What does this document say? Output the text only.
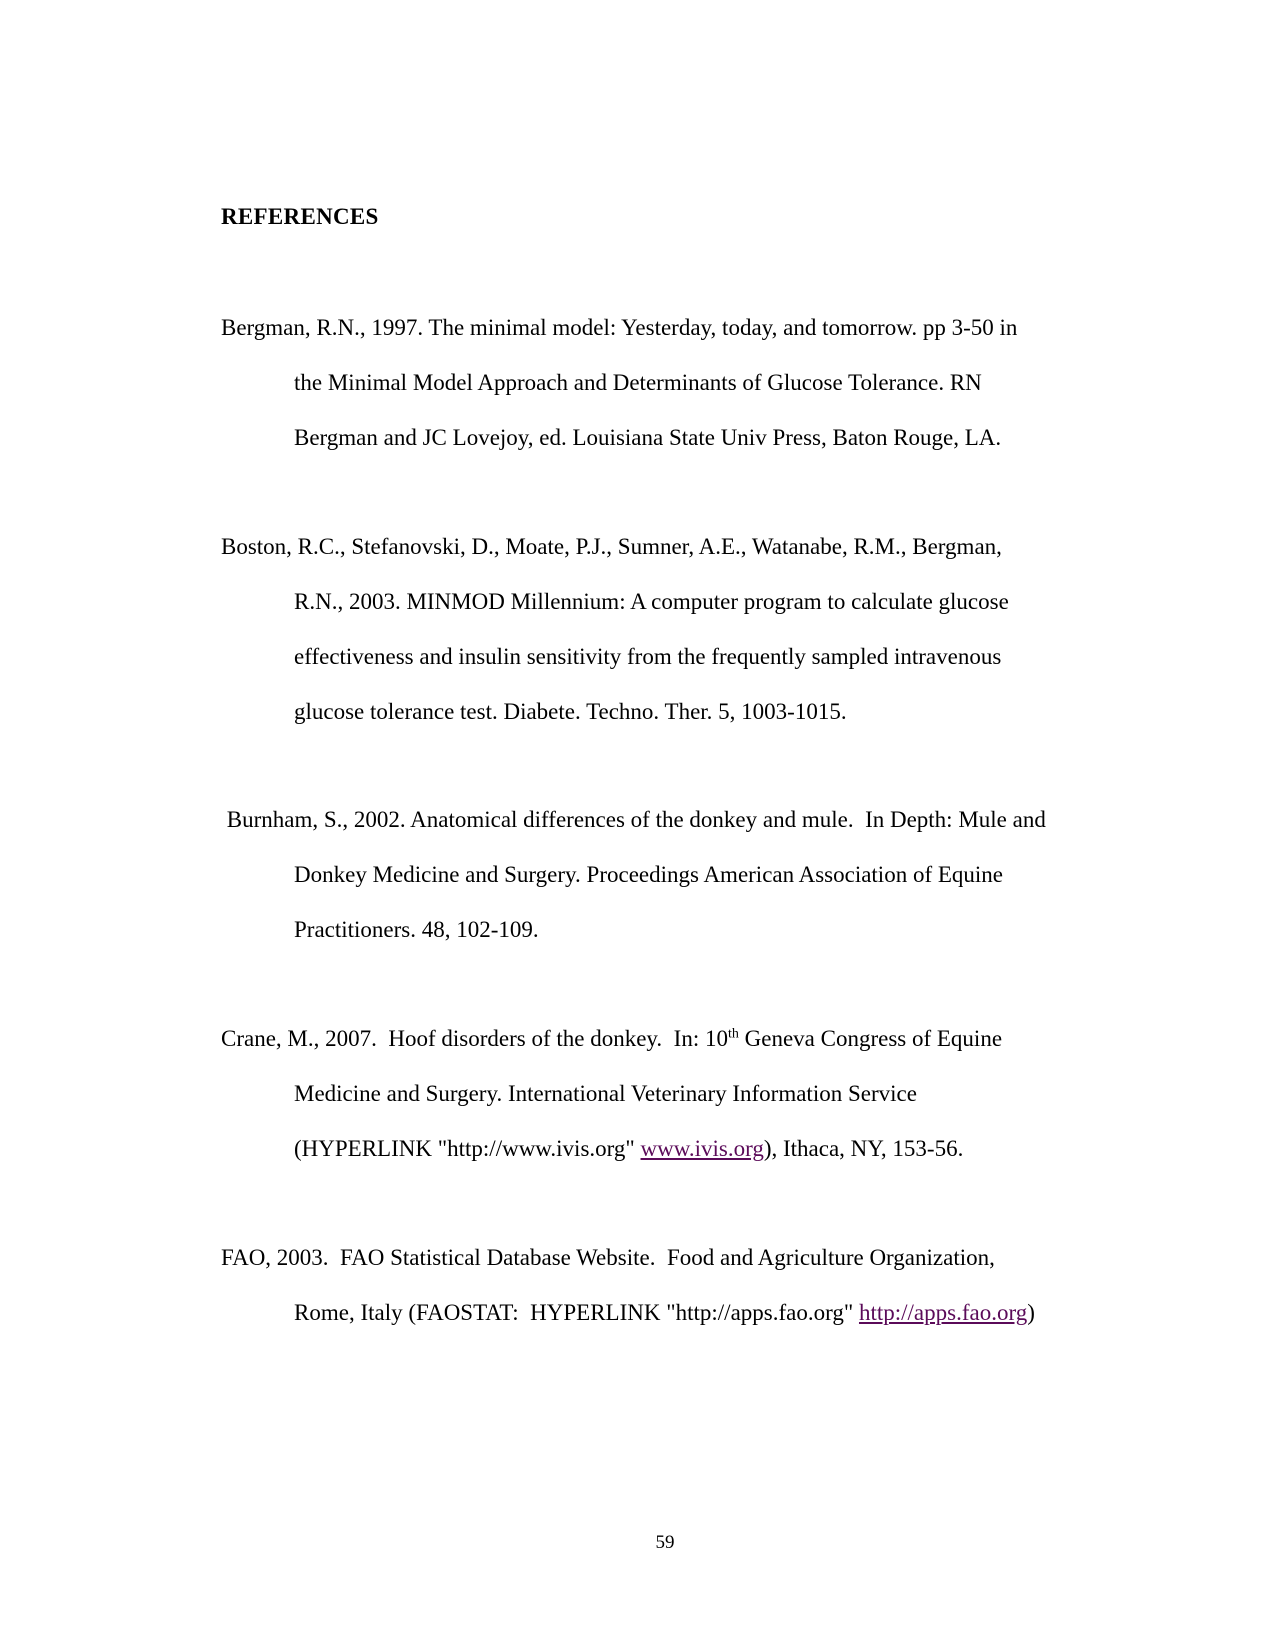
REFERENCES
Bergman, R.N., 1997. The minimal model: Yesterday, today, and tomorrow. pp 3-50 in
the Minimal Model Approach and Determinants of Glucose Tolerance. RN
Bergman and JC Lovejoy, ed. Louisiana State Univ Press, Baton Rouge, LA.
Boston, R.C., Stefanovski, D., Moate, P.J., Sumner, A.E., Watanabe, R.M., Bergman,
R.N., 2003. MINMOD Millennium: A computer program to calculate glucose
effectiveness and insulin sensitivity from the frequently sampled intravenous
glucose tolerance test. Diabete. Techno. Ther. 5, 1003-1015.
Burnham, S., 2002. Anatomical differences of the donkey and mule.  In Depth: Mule and
Donkey Medicine and Surgery. Proceedings American Association of Equine
Practitioners. 48, 102-109.
Crane, M., 2007.  Hoof disorders of the donkey.  In: 10th Geneva Congress of Equine
Medicine and Surgery. International Veterinary Information Service
(HYPERLINK "http://www.ivis.org" www.ivis.org), Ithaca, NY, 153-56.
FAO, 2003.  FAO Statistical Database Website.  Food and Agriculture Organization,
Rome, Italy (FAOSTAT:  HYPERLINK "http://apps.fao.org" http://apps.fao.org)
59
